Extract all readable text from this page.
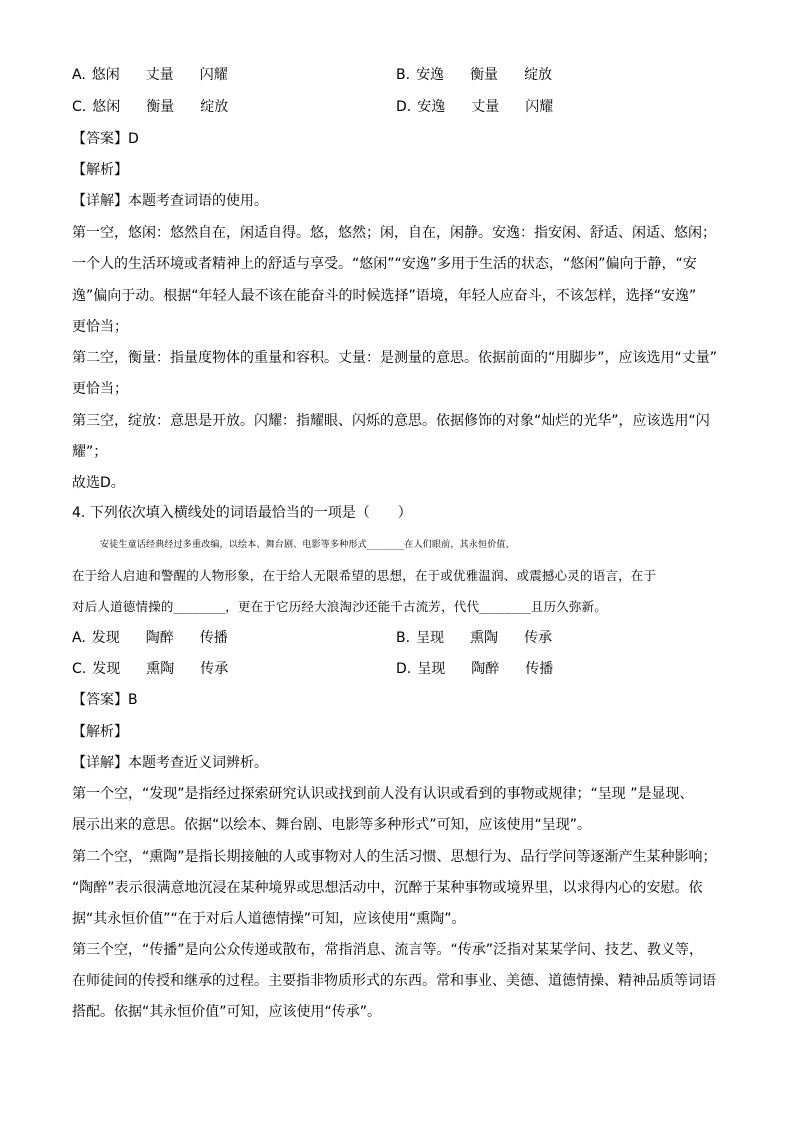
A. 悠闲 丈量 闪耀	B. 安逸 衡量 绽放
C. 悠闲 衡量 绽放	D. 安逸 丈量 闪耀
【答案】D
【解析】
【详解】本题考查词语的使用。
第一空，悠闲：悠然自在，闲适自得。悠，悠然；闲，自在，闲静。安逸：指安闲、舒适、闲适、悠闲；
一个人的生活环境或者精神上的舒适与享受。“悠闲”“安逸”多用于生活的状态，“悠闲”偏向于静，“安
逸”偏向于动。根据“年轻人最不该在能奋斗的时候选择”语境，年轻人应奋斗，不该怎样，选择“安逸”
更恰当；
第二空，衡量：指量度物体的重量和容积。丈量：是测量的意思。依据前面的“用脚步”，应该选用“丈量”
更恰当；
第三空，绽放：意思是开放。闪耀：指耀眼、闪烁的意思。依据修饰的对象“灿烂的光华”，应该选用“闪
耀”；
故选D。
4. 下列依次填入横线处的词语最恰当的一项是（　　）
安徒生童话经典经过多重改编，以绘本、舞台剧、电影等多种形式________在人们眼前，其永恒价值，
在于给人启迪和警醒的人物形象，在于给人无限希望的思想，在于或优雅温润、或震撼心灵的语言，在于
对后人道德情操的________，更在于它历经大浪淘沙还能千古流芳，代代________且历久弥新。
A. 发现 陶醉 传播	B. 呈现 熏陶 传承
C. 发现 熏陶 传承	D. 呈现 陶醉 传播
【答案】B
【解析】
【详解】本题考查近义词辨析。
第一个空，“发现”是指经过探索研究认识或找到前人没有认识或看到的事物或规律；“呈现 ”是显现、
展示出来的意思。依据“以绘本、舞台剧、电影等多种形式”可知，应该使用“呈现”。
第二个空，“熏陶”是指长期接触的人或事物对人的生活习惯、思想行为、品行学问等逐渐产生某种影响；
“陶醉”表示很满意地沉浸在某种境界或思想活动中，沉醉于某种事物或境界里，以求得内心的安慰。依
据“其永恒价值”“在于对后人道德情操”可知，应该使用“熏陶”。
第三个空，“传播”是向公众传递或散布，常指消息、流言等。“传承”泛指对某某学问、技艺、教义等，
在师徒间的传授和继承的过程。主要指非物质形式的东西。常和事业、美德、道德情操、精神品质等词语
搭配。依据“其永恒价值”可知，应该使用“传承”。
